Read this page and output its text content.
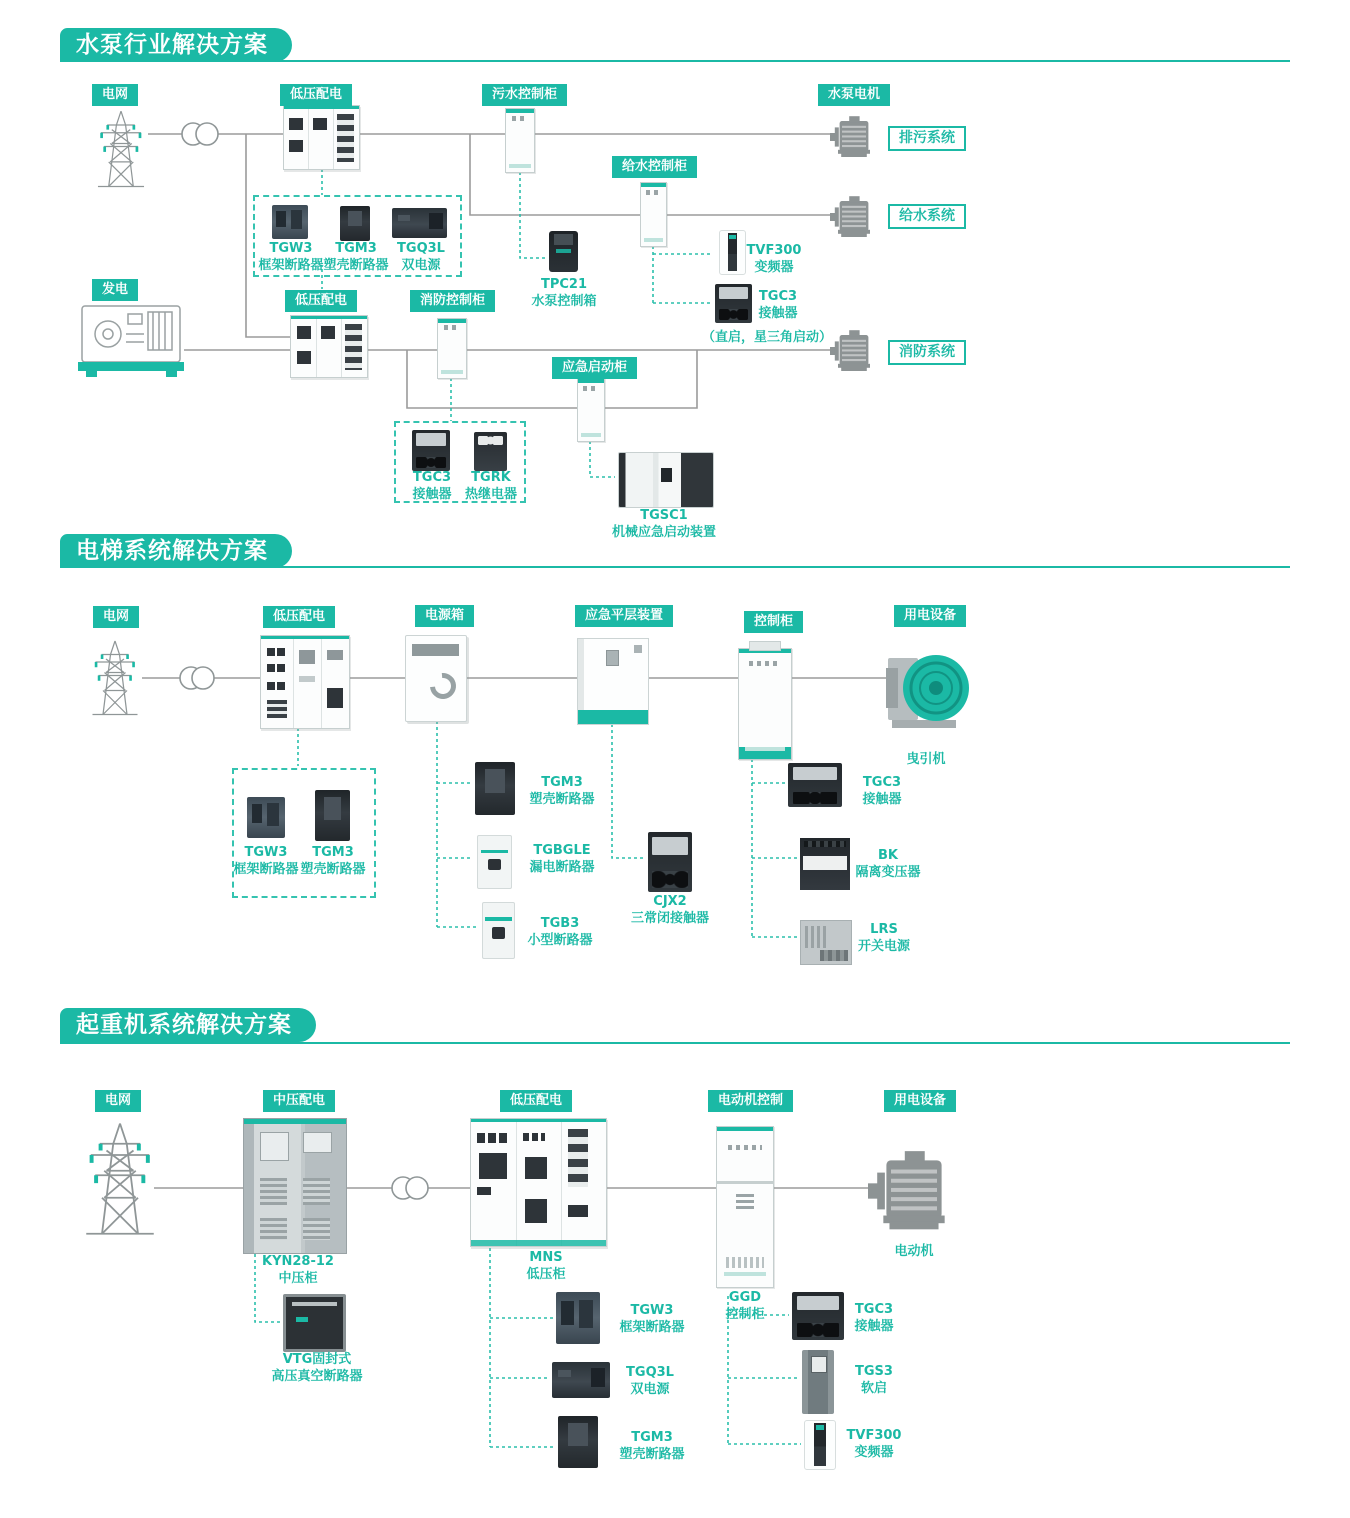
水泵行业解决方案
电网	低压配电	污水控制柜	水泵电机
给水控制柜
发电
低压配电	消防控制柜
应急启动柜
排污系统
给水系统
消防系统
TGW3
框架断路器
TGM3
塑壳断路器
TGQ3L
双电源
TPC21
水泵控制箱
TVF300
变频器
TGC3
接触器
（直启，星三角启动）
TGC3
接触器
TGRK
热继电器
TGSC1
机械应急启动装置
电梯系统解决方案
电网	低压配电	电源箱	应急平层装置	控制柜	用电设备
TGW3
框架断路器
TGM3
塑壳断路器
TGM3
塑壳断路器
TGBGLE
漏电断路器
TGB3
小型断路器
CJX2
三常闭接触器
TGC3
接触器
BK
隔离变压器
LRS
开关电源
曳引机
起重机系统解决方案
电网	中压配电	低压配电	电动机控制	用电设备
KYN28-12
中压柜
MNS
低压柜
GGD
控制柜
电动机
VTG固封式
高压真空断路器
TGW3
框架断路器
TGQ3L
双电源
TGM3
塑壳断路器
TGC3
接触器
TGS3
软启
TVF300
变频器
